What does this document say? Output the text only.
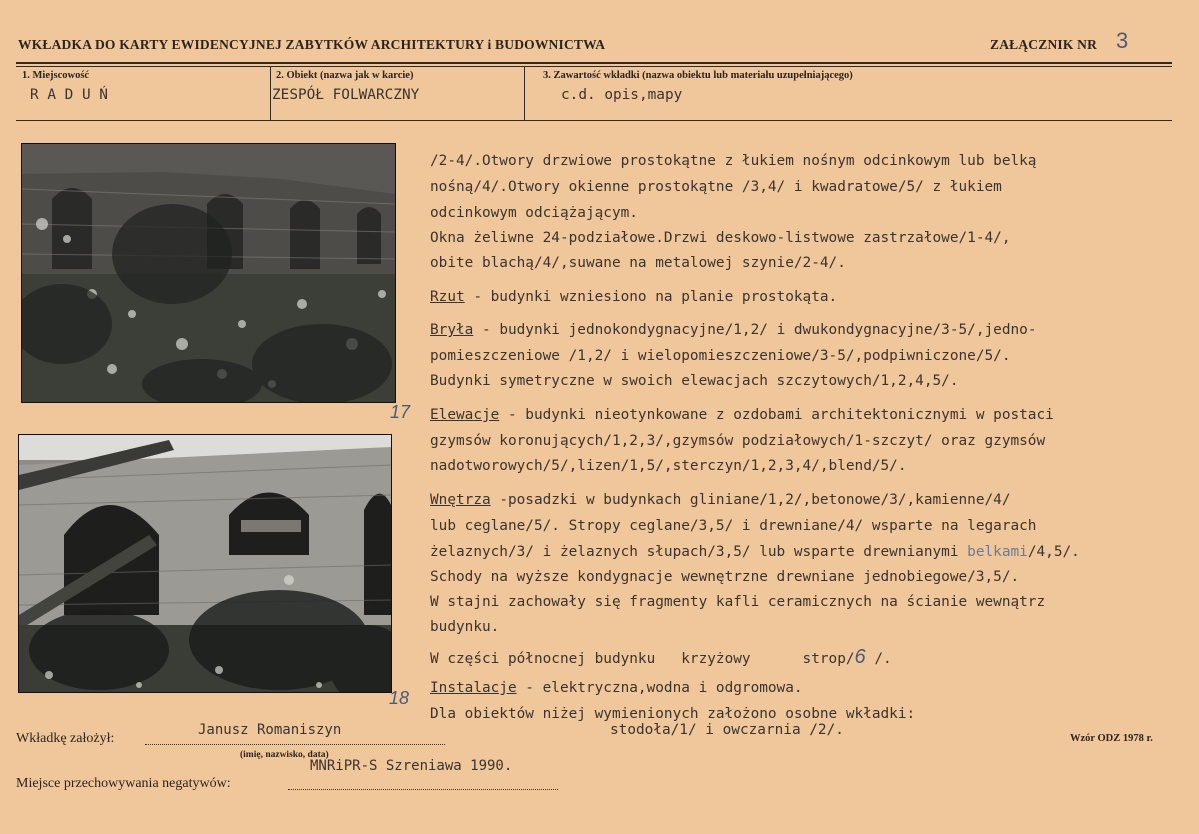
WKŁADKA DO KARTY EWIDENCYJNEJ ZABYTKÓW ARCHITEKTURY i BUDOWNICTWA	ZAŁĄCZNIK NR 3
1. Miejscowość
R A D U Ń
2. Obiekt (nazwa jak w karcie)
ZESPÓŁ FOLWARCZNY
3. Zawartość wkładki (nazwa obiektu lub materiału uzupełniającego)
c.d. opis,mapy
17
18
/2-4/.Otwory drzwiowe prostokątne z łukiem nośnym odcinkowym lub belką
nośną/4/.Otwory okienne prostokątne /3,4/ i kwadratowe/5/ z łukiem
odcinkowym odciążającym.
Okna żeliwne 24-podziałowe.Drzwi deskowo-listwowe zastrzałowe/1-4/,
obite blachą/4/,suwane na metalowej szynie/2-4/.
Rzut - budynki wzniesiono na planie prostokąta.
Bryła - budynki jednokondygnacyjne/1,2/ i dwukondygnacyjne/3-5/,jedno-
pomieszczeniowe /1,2/ i wielopomieszczeniowe/3-5/,podpiwniczone/5/.
Budynki symetryczne w swoich elewacjach szczytowych/1,2,4,5/.
Elewacje - budynki nieotynkowane z ozdobami architektonicznymi w postaci
gzymsów koronujących/1,2,3/,gzymsów podziałowych/1-szczyt/ oraz gzymsów
nadotworowych/5/,lizen/1,5/,sterczyn/1,2,3,4/,blend/5/.
Wnętrza -posadzki w budynkach gliniane/1,2/,betonowe/3/,kamienne/4/
lub ceglane/5/. Stropy ceglane/3,5/ i drewniane/4/ wsparte na legarach
żelaznych/3/ i żelaznych słupach/3,5/ lub wsparte drewnianymi belkami/4,5/.
Schody na wyższe kondygnacje wewnętrzne drewniane jednobiegowe/3,5/.
W stajni zachowały się fragmenty kafli ceramicznych na ścianie wewnątrz
budynku.
W części północnej budynku   krzyżowy      strop/6 /.
Instalacje - elektryczna,wodna i odgromowa.
Dla obiektów niżej wymienionych założono osobne wkładki:
stodoła/1/ i owczarnia /2/.
Wkładkę założył:
Janusz Romaniszyn
(imię, nazwisko, data)
MNRiPR-S Szreniawa 1990.
Miejsce przechowywania negatywów:
Wzór ODZ 1978 r.
